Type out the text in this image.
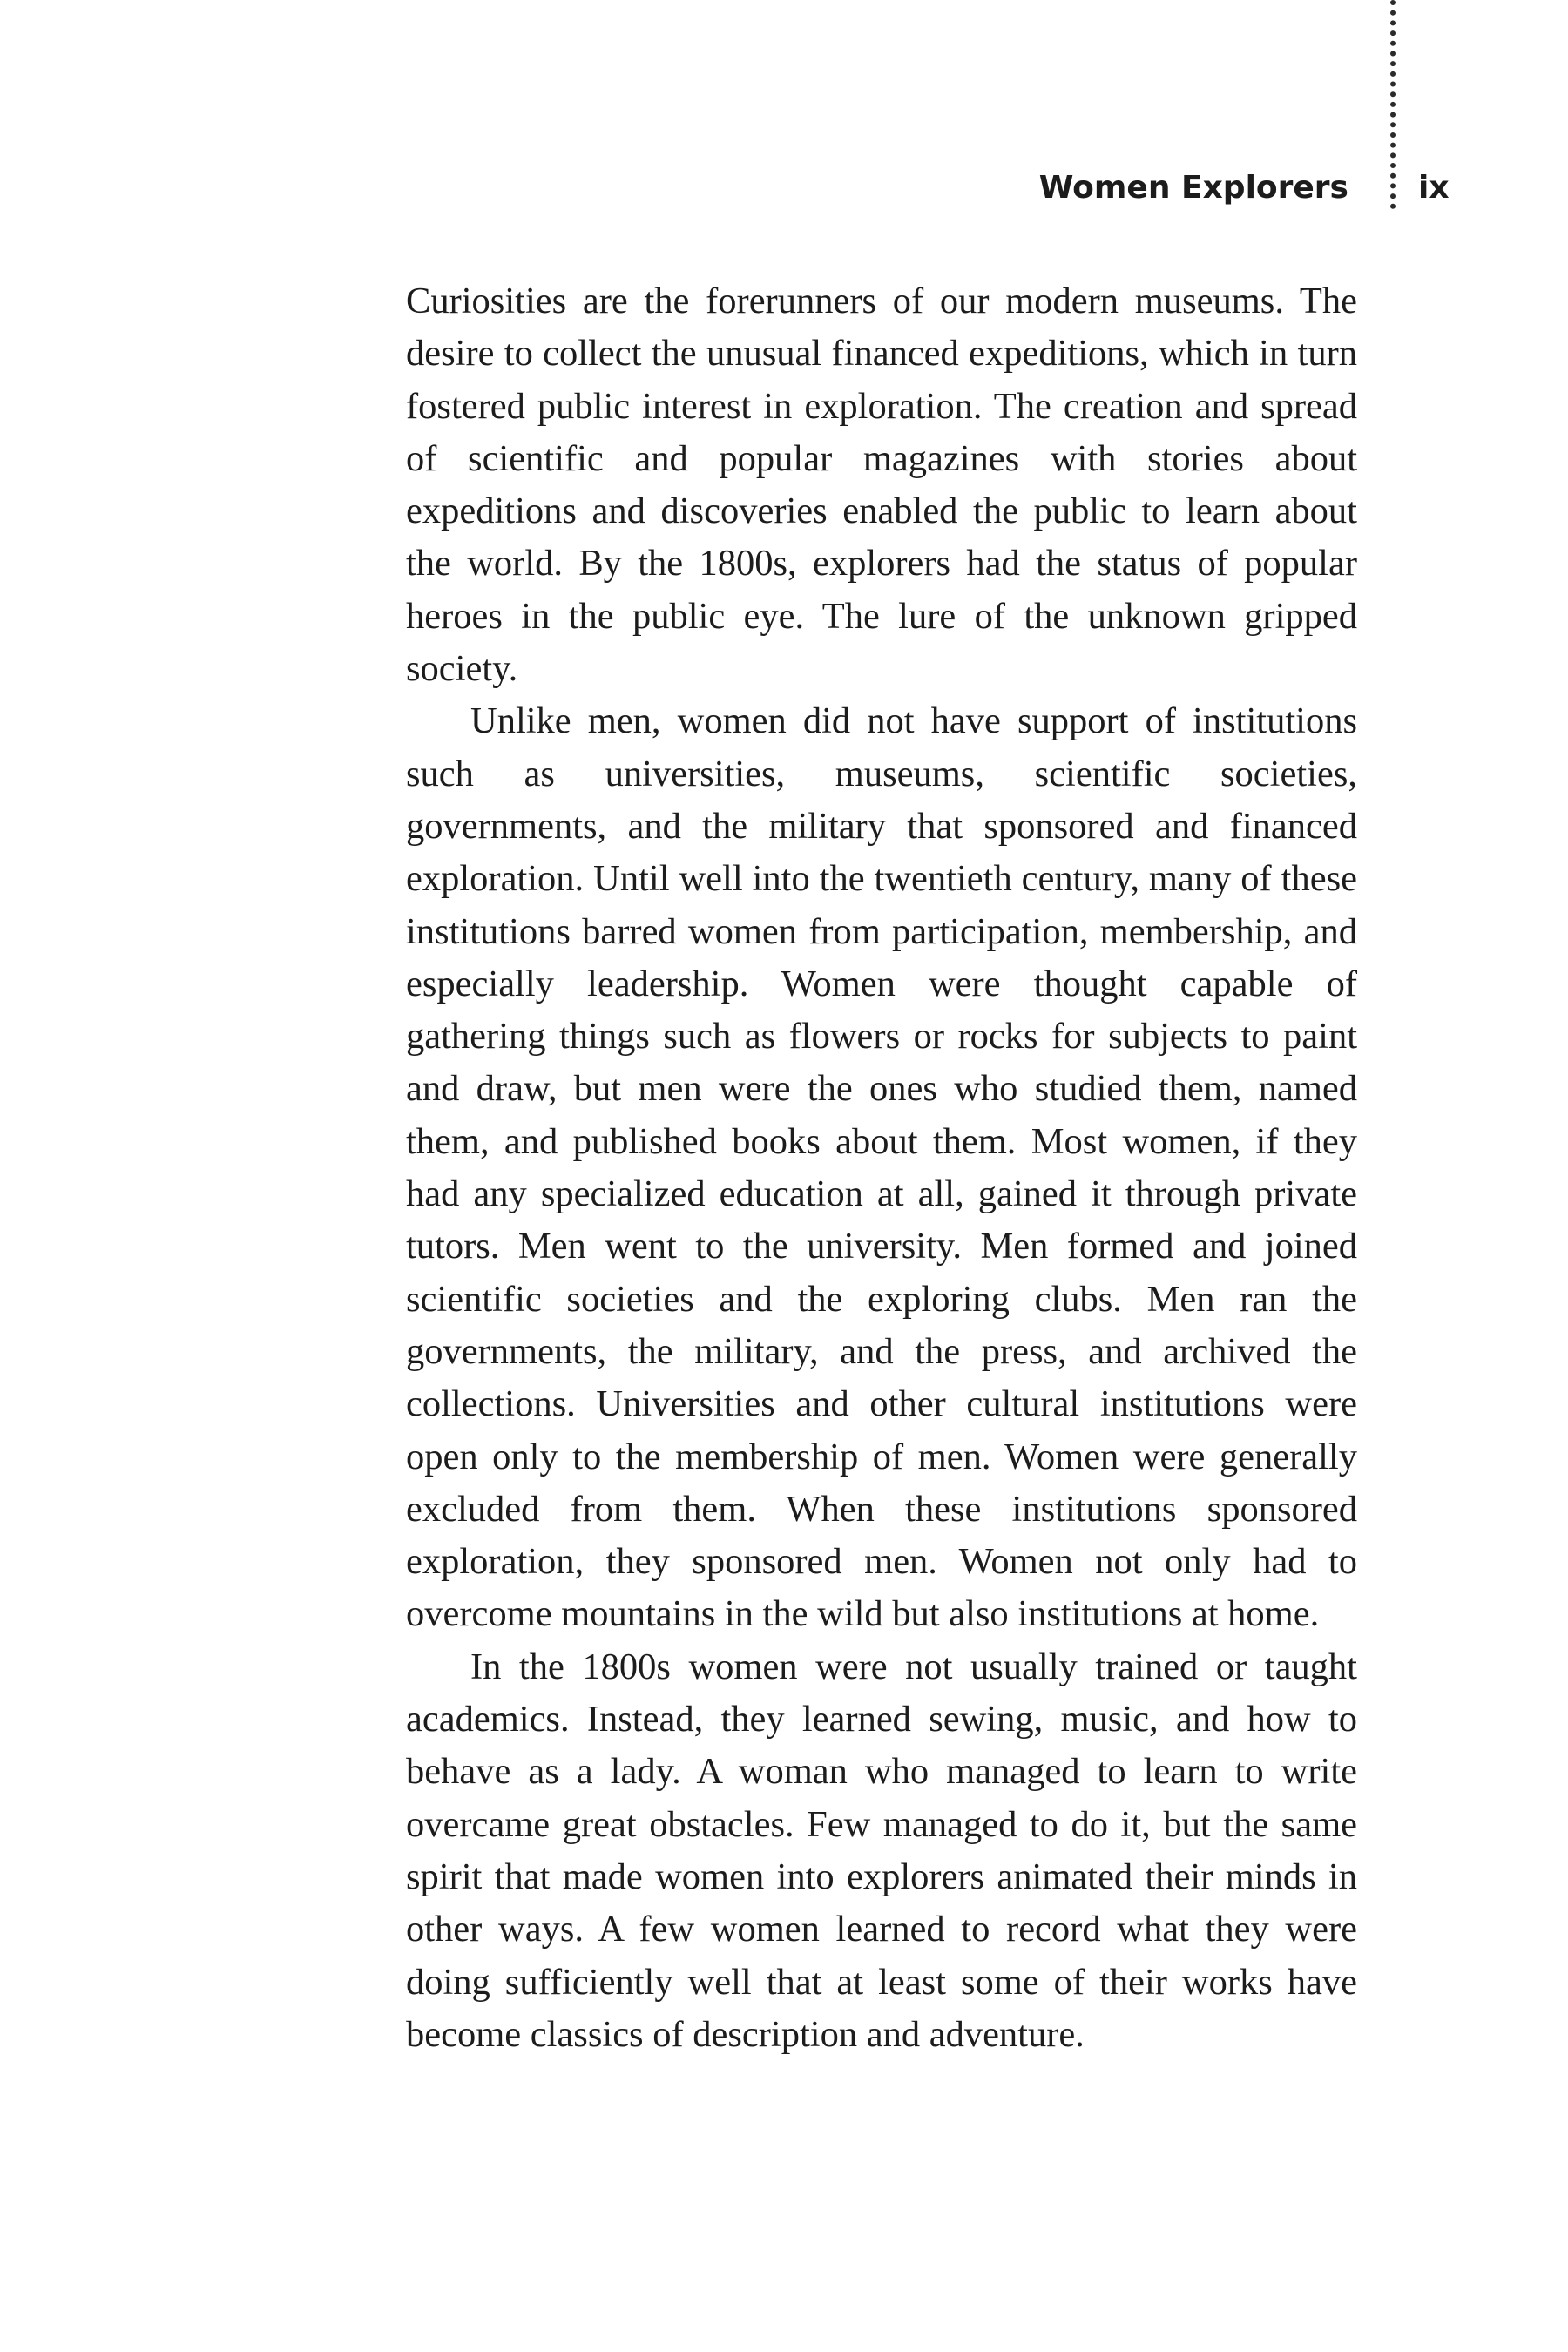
Women Explorers ix

Curiosities are the forerunners of our modern museums. The desire to collect the unusual financed expeditions, which in turn fostered public interest in exploration. The creation and spread of scientific and popular magazines with stories about expeditions and discoveries enabled the public to learn about the world. By the 1800s, explorers had the status of popular heroes in the public eye. The lure of the unknown gripped society.

Unlike men, women did not have support of institutions such as universities, museums, scientific societies, governments, and the military that sponsored and financed exploration. Until well into the twentieth century, many of these institutions barred women from participation, membership, and especially leadership. Women were thought capable of gathering things such as flowers or rocks for subjects to paint and draw, but men were the ones who studied them, named them, and published books about them. Most women, if they had any specialized education at all, gained it through private tutors. Men went to the university. Men formed and joined scientific societies and the exploring clubs. Men ran the governments, the military, and the press, and archived the collections. Universities and other cultural institutions were open only to the membership of men. Women were generally excluded from them. When these institutions sponsored exploration, they sponsored men. Women not only had to overcome mountains in the wild but also institutions at home.

In the 1800s women were not usually trained or taught academics. Instead, they learned sewing, music, and how to behave as a lady. A woman who managed to learn to write overcame great obstacles. Few managed to do it, but the same spirit that made women into explorers animated their minds in other ways. A few women learned to record what they were doing sufficiently well that at least some of their works have become classics of description and adventure.
